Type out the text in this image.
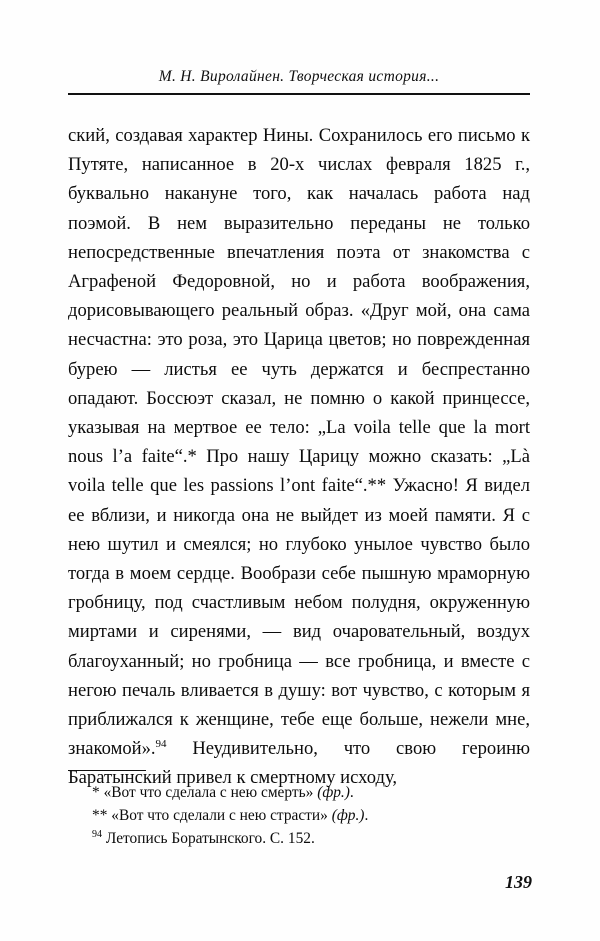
М. Н. Виролайнен. Творческая история...

ский, создавая характер Нины. Сохранилось его письмо к Путяте, написанное в 20-х числах февраля 1825 г., буквально накануне того, как началась работа над поэмой. В нем выразительно переданы не только непосредственные впечатления поэта от знакомства с Аграфеной Федоровной, но и работа воображения, дорисовывающего реальный образ. «Друг мой, она сама несчастна: это роза, это Царица цветов; но поврежденная бурею — листья ее чуть держатся и беспрестанно опадают. Боссюэт сказал, не помню о какой принцессе, указывая на мертвое ее тело: „La voila telle que la mort nous l’a faite“.* Про нашу Царицу можно сказать: „Là voila telle que les passions l’ont faite“.** Ужасно! Я видел ее вблизи, и никогда она не выйдет из моей памяти. Я с нею шутил и смеялся; но глубоко унылое чувство было тогда в моем сердце. Вообрази себе пышную мраморную гробницу, под счастливым небом полудня, окруженную миртами и сиренями, — вид очаровательный, воздух благоуханный; но гробница — все гробница, и вместе с негою печаль вливается в душу: вот чувство, с которым я приближался к женщине, тебе еще больше, нежели мне, знакомой».$^{94}$ Неудивительно, что свою героиню Баратынский привел к смертному исходу,

* «Вот что сделала с нею смерть» (фр.).
** «Вот что сделали с нею страсти» (фр.).
$^{94}$ Летопись Боратынского. С. 152.
139
